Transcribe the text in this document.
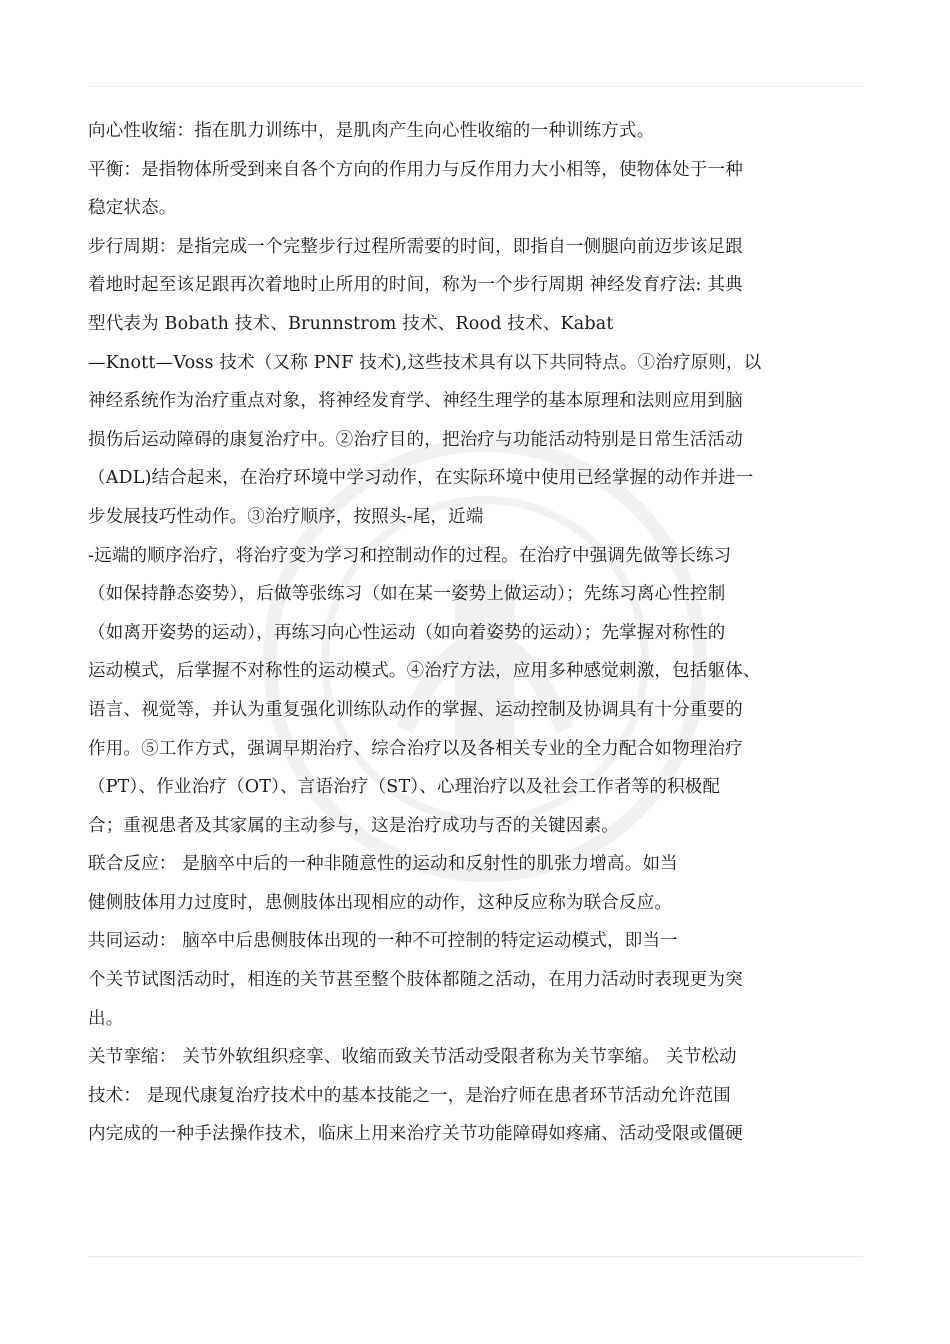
向心性收缩：指在肌力训练中，是肌肉产生向心性收缩的一种训练方式。
平衡：是指物体所受到来自各个方向的作用力与反作用力大小相等，使物体处于一种
稳定状态。
步行周期：是指完成一个完整步行过程所需要的时间，即指自一侧腿向前迈步该足跟
着地时起至该足跟再次着地时止所用的时间，称为一个步行周期 神经发育疗法: 其典
型代表为 Bobath 技术、Brunnstrom 技术、Rood 技术、Kabat
—Knott—Voss 技术（又称 PNF 技术),这些技术具有以下共同特点。①治疗原则，以
神经系统作为治疗重点对象，将神经发育学、神经生理学的基本原理和法则应用到脑
损伤后运动障碍的康复治疗中。②治疗目的，把治疗与功能活动特别是日常生活活动
（ADL)结合起来，在治疗环境中学习动作，在实际环境中使用已经掌握的动作并进一
步发展技巧性动作。③治疗顺序，按照头-尾，近端
-远端的顺序治疗，将治疗变为学习和控制动作的过程。在治疗中强调先做等长练习
（如保持静态姿势），后做等张练习（如在某一姿势上做运动）；先练习离心性控制
（如离开姿势的运动），再练习向心性运动（如向着姿势的运动）；先掌握对称性的
运动模式，后掌握不对称性的运动模式。④治疗方法，应用多种感觉刺激，包括躯体、
语言、视觉等，并认为重复强化训练队动作的掌握、运动控制及协调具有十分重要的
作用。⑤工作方式，强调早期治疗、综合治疗以及各相关专业的全力配合如物理治疗
（PT）、作业治疗（OT）、言语治疗（ST）、心理治疗以及社会工作者等的积极配
合；重视患者及其家属的主动参与，这是治疗成功与否的关键因素。
联合反应： 是脑卒中后的一种非随意性的运动和反射性的肌张力增高。如当
健侧肢体用力过度时，患侧肢体出现相应的动作，这种反应称为联合反应。
共同运动： 脑卒中后患侧肢体出现的一种不可控制的特定运动模式，即当一
个关节试图活动时，相连的关节甚至整个肢体都随之活动，在用力活动时表现更为突
出。
关节挛缩： 关节外软组织痉挛、收缩而致关节活动受限者称为关节挛缩。 关节松动
技术： 是现代康复治疗技术中的基本技能之一，是治疗师在患者环节活动允许范围
内完成的一种手法操作技术，临床上用来治疗关节功能障碍如疼痛、活动受限或僵硬
